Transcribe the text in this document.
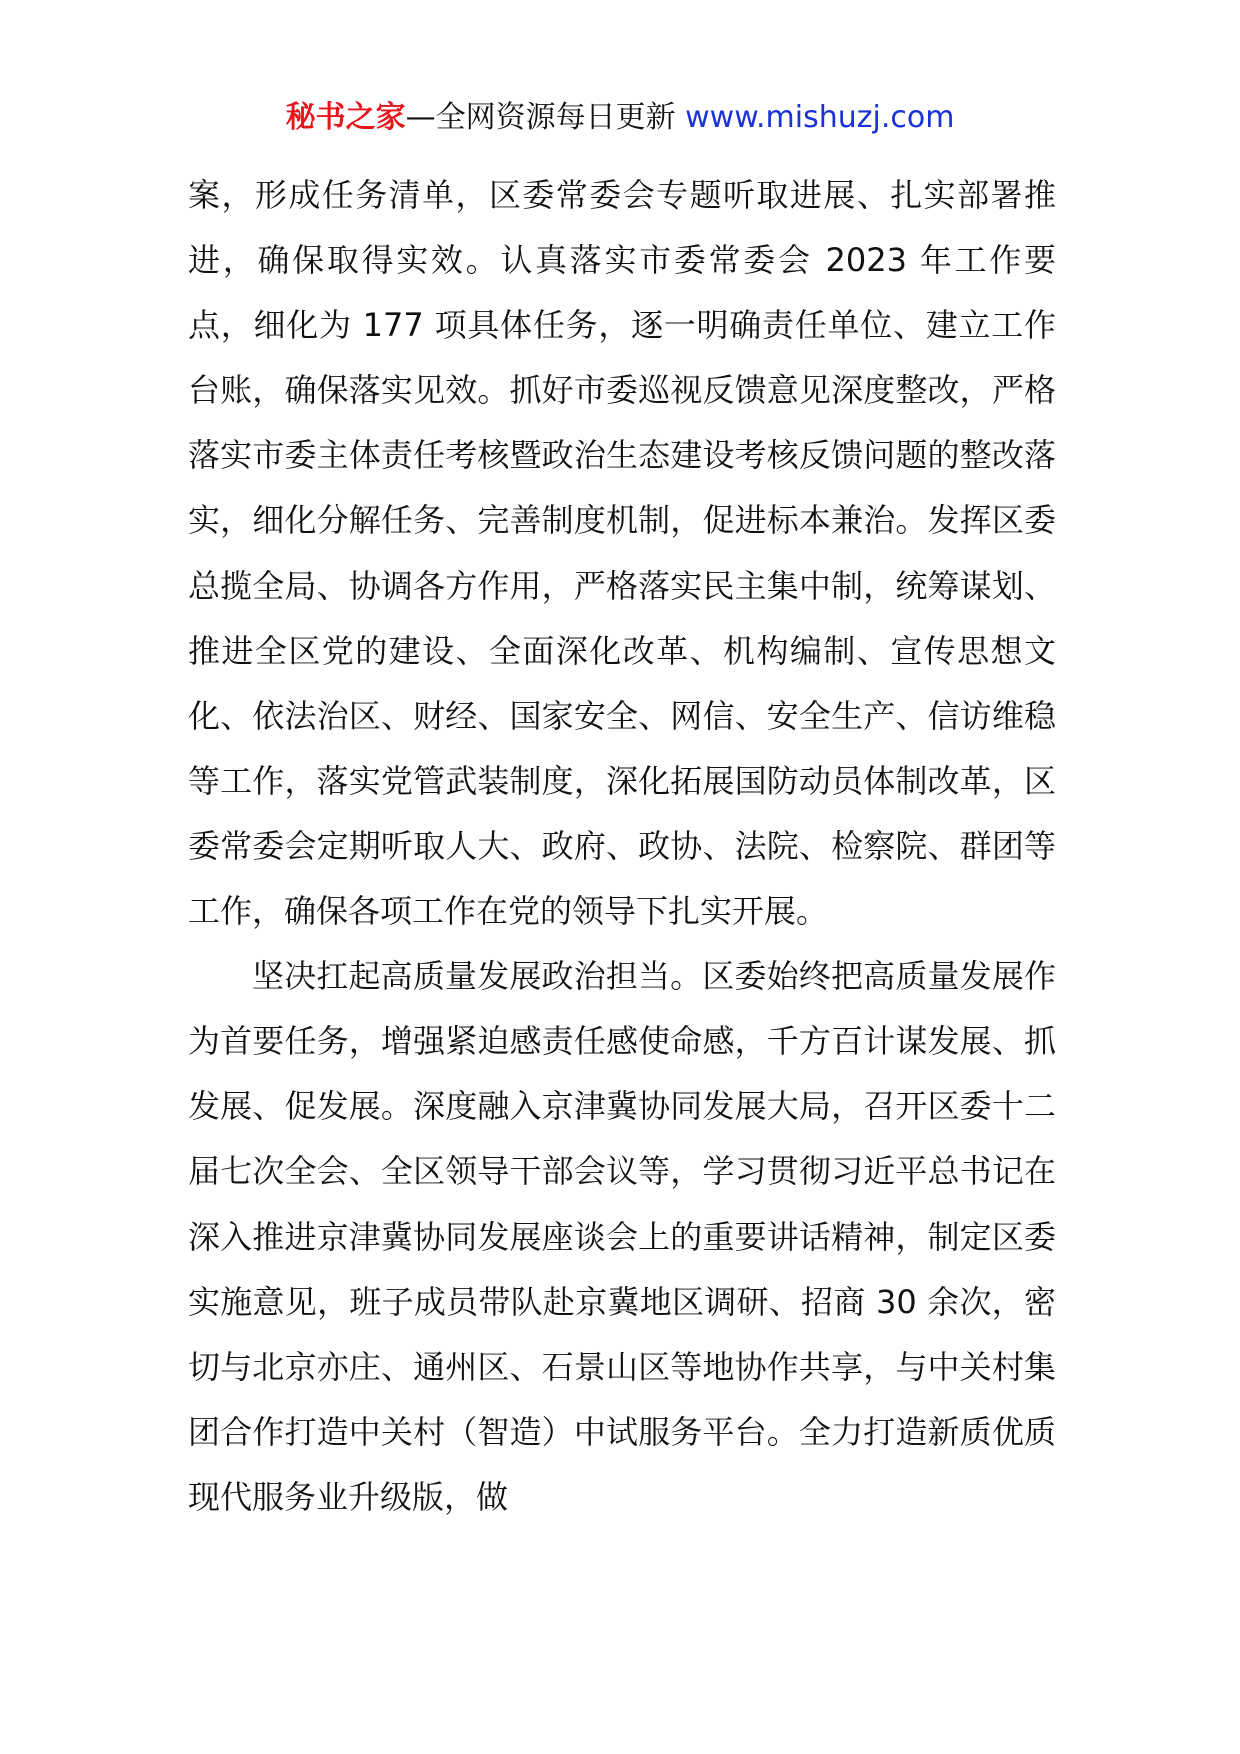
秘书之家—全网资源每日更新 www.mishuzj.com

案，形成任务清单，区委常委会专题听取进展、扎实部署推进，确保取得实效。认真落实市委常委会 2023 年工作要点，细化为 177 项具体任务，逐一明确责任单位、建立工作台账，确保落实见效。抓好市委巡视反馈意见深度整改，严格落实市委主体责任考核暨政治生态建设考核反馈问题的整改落实，细化分解任务、完善制度机制，促进标本兼治。发挥区委总揽全局、协调各方作用，严格落实民主集中制，统筹谋划、推进全区党的建设、全面深化改革、机构编制、宣传思想文化、依法治区、财经、国家安全、网信、安全生产、信访维稳等工作，落实党管武装制度，深化拓展国防动员体制改革，区委常委会定期听取人大、政府、政协、法院、检察院、群团等工作，确保各项工作在党的领导下扎实开展。

坚决扛起高质量发展政治担当。区委始终把高质量发展作为首要任务，增强紧迫感责任感使命感，千方百计谋发展、抓发展、促发展。深度融入京津冀协同发展大局，召开区委十二届七次全会、全区领导干部会议等，学习贯彻习近平总书记在深入推进京津冀协同发展座谈会上的重要讲话精神，制定区委实施意见，班子成员带队赴京冀地区调研、招商 30 余次，密切与北京亦庄、通州区、石景山区等地协作共享，与中关村集团合作打造中关村（智造）中试服务平台。全力打造新质优质现代服务业升级版，做
